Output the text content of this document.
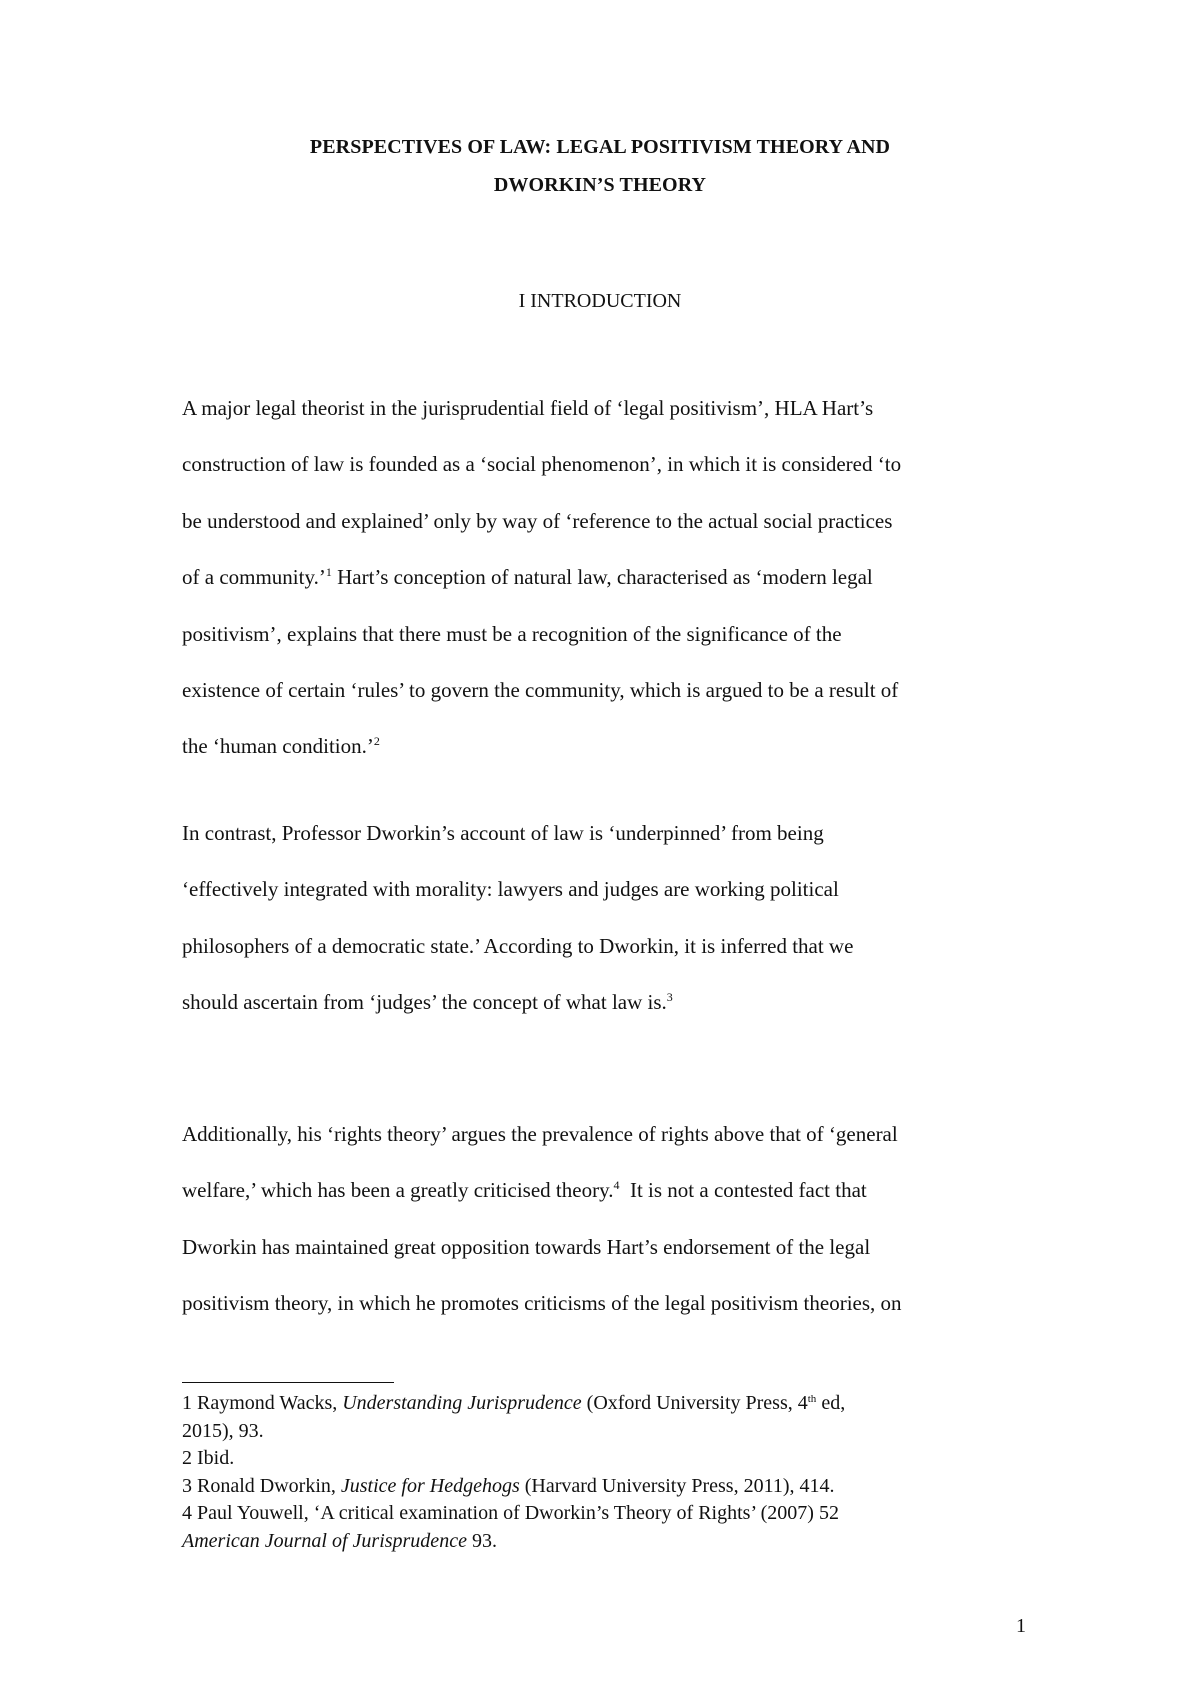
PERSPECTIVES OF LAW: LEGAL POSITIVISM THEORY AND
DWORKIN’S THEORY
I INTRODUCTION
A major legal theorist in the jurisprudential field of ‘legal positivism’, HLA Hart’s
construction of law is founded as a ‘social phenomenon’, in which it is considered ‘to
be understood and explained’ only by way of ‘reference to the actual social practices
of a community.’$^1$ Hart’s conception of natural law, characterised as ‘modern legal
positivism’, explains that there must be a recognition of the significance of the
existence of certain ‘rules’ to govern the community, which is argued to be a result of
the ‘human condition.’$^2$
In contrast, Professor Dworkin’s account of law is ‘underpinned’ from being
‘effectively integrated with morality: lawyers and judges are working political
philosophers of a democratic state.’ According to Dworkin, it is inferred that we
should ascertain from ‘judges’ the concept of what law is.$^3$
Additionally, his ‘rights theory’ argues the prevalence of rights above that of ‘general
welfare,’ which has been a greatly criticised theory.$^4$  It is not a contested fact that
Dworkin has maintained great opposition towards Hart’s endorsement of the legal
positivism theory, in which he promotes criticisms of the legal positivism theories, on
1 Raymond Wacks, Understanding Jurisprudence (Oxford University Press, 4th ed,
2015), 93.
2 Ibid.
3 Ronald Dworkin, Justice for Hedgehogs (Harvard University Press, 2011), 414.
4 Paul Youwell, ‘A critical examination of Dworkin’s Theory of Rights’ (2007) 52
American Journal of Jurisprudence 93.
1
